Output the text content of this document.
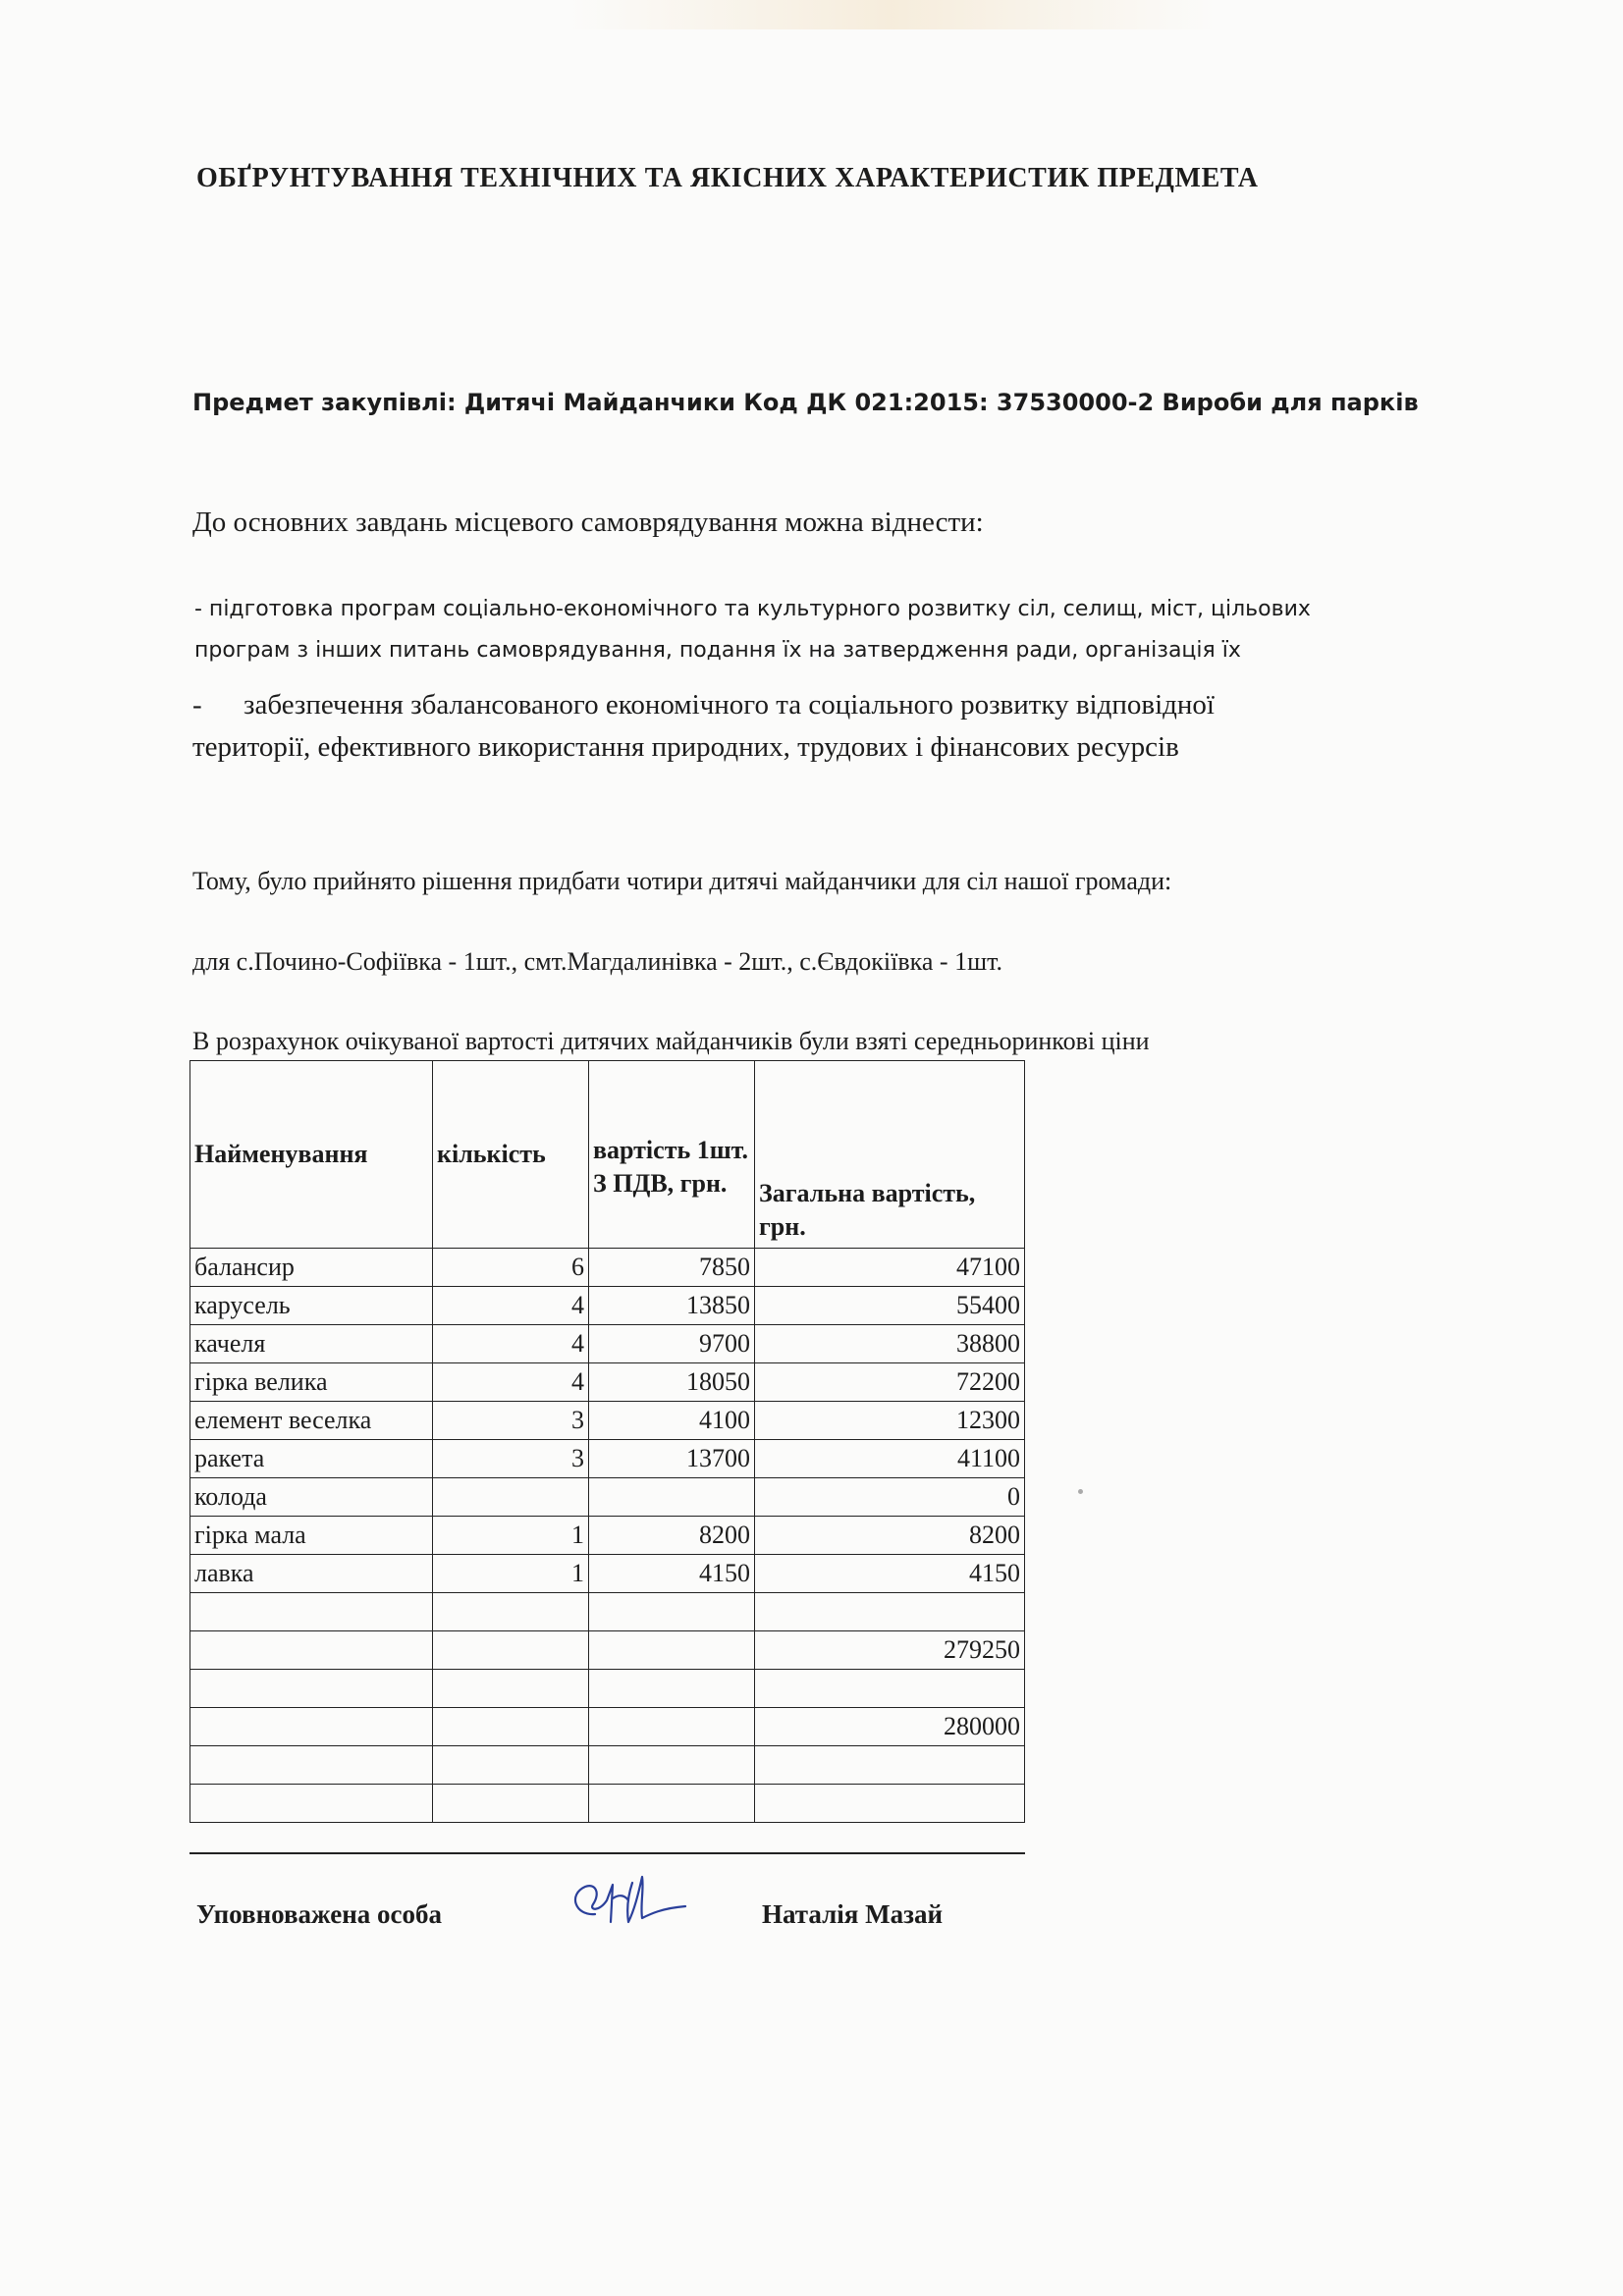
ОБҐРУНТУВАННЯ ТЕХНІЧНИХ ТА ЯКІСНИХ ХАРАКТЕРИСТИК ПРЕДМЕТА
Предмет закупівлі: Дитячі Майданчики Код ДК 021:2015: 37530000-2 Вироби для парків
До основних завдань місцевого самоврядування можна віднести:
- підготовка програм соціально-економічного та культурного розвитку сіл, селищ, міст, цільових
програм з інших питань самоврядування, подання їх на затвердження ради, організація їх
- забезпечення збалансованого економічного та соціального розвитку відповідної
території, ефективного використання природних, трудових і фінансових ресурсів
Тому, було прийнято рішення придбати чотири дитячі майданчики для сіл нашої громади:
для с.Почино-Софіївка - 1шт., смт.Магдалинівка - 2шт., с.Євдокіївка - 1шт.
В розрахунок очікуваної вартості дитячих майданчиків були взяті середньоринкові ціни
Найменування	кількість	вартість 1шт. З ПДВ, грн.	Загальна вартість, грн.
балансир	6	7850	47100
карусель	4	13850	55400
качеля	4	9700	38800
гірка велика	4	18050	72200
елемент веселка	3	4100	12300
ракета	3	13700	41100
колода			0
гірка мала	1	8200	8200
лавка	1	4150	4150

			279250

			280000

Уповноважена особа	Наталія Мазай
